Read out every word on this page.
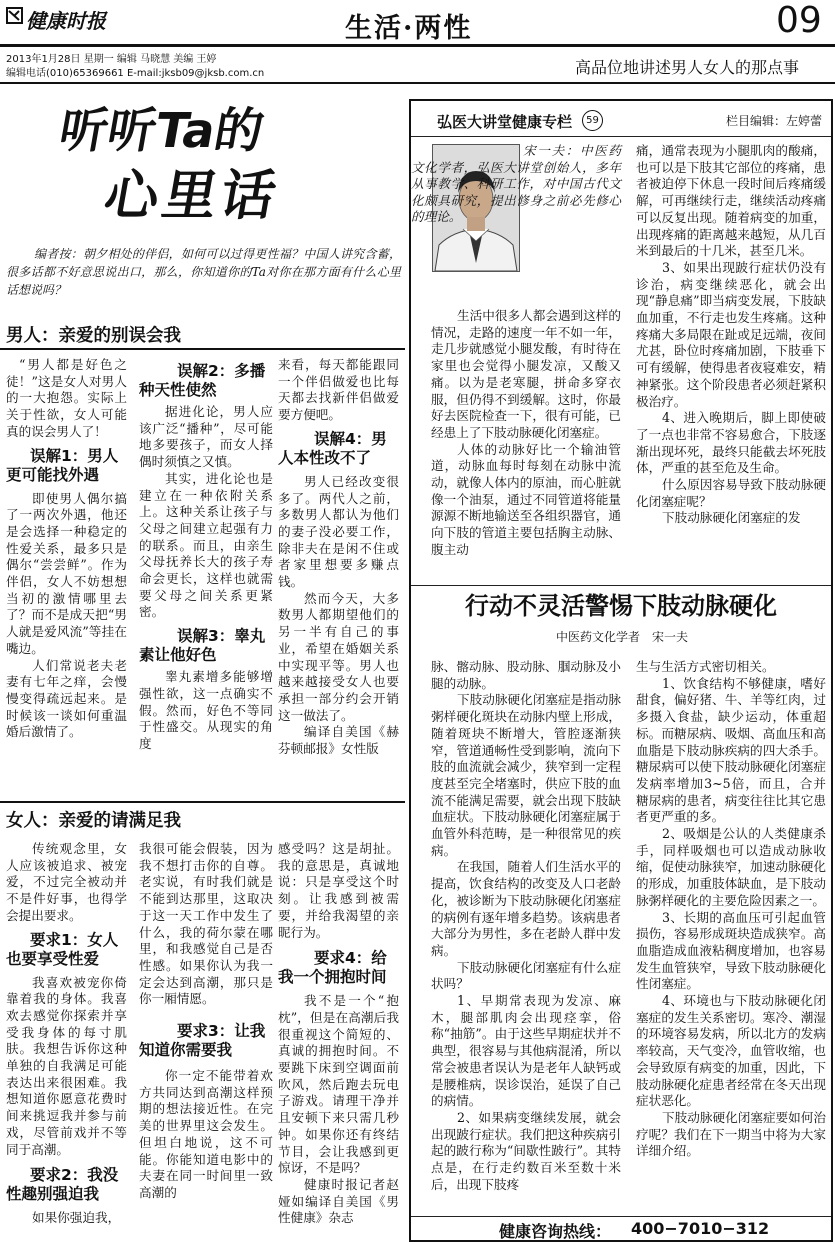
健康时报	生活·两性	09
2013年1月28日 星期一 编辑 马晓慧 美编 王婷
编辑电话(010)65369661 E-mail:jksb09@jksb.com.cn	高品位地讲述男人女人的那点事
听听Ta的
心里话
编者按：朝夕相处的伴侣，如何可以过得更性福？中国人讲究含蓄，很多话都不好意思说出口，那么，你知道你的Ta对你在那方面有什么心里话想说吗？
男人：亲爱的别误会我

“男人都是好色之徒！”这是女人对男人的一大抱怨。实际上关于性欲，女人可能真的误会男人了！

误解1：男人更可能找外遇

即使男人偶尔搞了一两次外遇，他还是会选择一种稳定的性爱关系，最多只是偶尔“尝尝鲜”。作为伴侣，女人不妨想想当初的激情哪里去了？而不是成天把“男人就是爱风流”等挂在嘴边。

人们常说老夫老妻有七年之痒，会慢慢变得疏远起来。是时候该一谈如何重温婚后激情了。

误解2：多播种天性使然

据进化论，男人应该广泛“播种”，尽可能地多要孩子，而女人择偶时须慎之又慎。

其实，进化论也是建立在一种依附关系上。这种关系让孩子与父母之间建立起强有力的联系。而且，由亲生父母抚养长大的孩子寿命会更长，这样也就需要父母之间关系更紧密。

误解3：睾丸素让他好色

睾丸素增多能够增强性欲，这一点确实不假。然而，好色不等同于性盛交。从现实的角度

来看，每天都能跟同一个伴侣做爱也比每天都去找新伴侣做爱要方便吧。

误解4：男人本性改不了

男人已经改变很多了。两代人之前，多数男人都认为他们的妻子没必要工作，除非夫在是闲不住或者家里想要多赚点钱。

然而今天，大多数男人都期望他们的另一半有自己的事业，希望在婚姻关系中实现平等。男人也越来越接受女人也要承担一部分约会开销这一做法了。

编译自美国《赫芬顿邮报》女性版

女人：亲爱的请满足我

传统观念里，女人应该被追求、被宠爱，不过完全被动并不是件好事，也得学会提出要求。

要求1：女人也要享受性爱

我喜欢被宠你倚靠着我的身体。我喜欢去感觉你探索并享受我身体的每寸肌肤。我想告诉你这种单独的自我满足可能表达出来很困难。我想知道你愿意花费时间来挑逗我并参与前戏，尽管前戏并不等同于高潮。

要求2：我没性趣别强迫我

如果你强迫我，

我很可能会假装，因为我不想打击你的自尊。老实说，有时我们就是不能到达那里，这取决于这一天工作中发生了什么，我的荷尔蒙在哪里，和我感觉自己是否性感。如果你认为我一定会达到高潮，那只是你一厢情愿。

要求3：让我知道你需要我

你一定不能带着欢方共同达到高潮这样预期的想法接近性。在完美的世界里这会发生。但坦白地说，这不可能。你能知道电影中的夫妻在同一时间里一致高潮的

感受吗？这是胡扯。我的意思是，真诚地说：只是享受这个时刻。让我感到被需要，并给我渴望的亲昵行为。

要求4：给我一个拥抱时间

我不是一个“抱枕”，但是在高潮后我很重视这个简短的、真诚的拥抱时间。不要跳下床到空调面前吹风，然后跑去玩电子游戏。请理干净并且安顿下来只需几秒钟。如果你还有终结节目，会让我感到更惊讶，不是吗？

健康时报记者赵娅如编译自美国《男性健康》杂志

弘医大讲堂健康专栏	59	栏目编辑：左婷蕾

宋一夫：中医药文化学者，弘医大讲堂创始人，多年从事教学、科研工作，对中国古代文化颇具研究，提出修身之前必先修心的理论。

生活中很多人都会遇到这样的情况，走路的速度一年不如一年，走几步就感觉小腿发酸，有时待在家里也会觉得小腿发凉，又酸又痛。以为是老寒腿，拼命多穿衣服，但仍得不到缓解。这时，你最好去医院检查一下，很有可能，已经患上了下肢动脉硬化闭塞症。

人体的动脉好比一个输油管道，动脉血每时每刻在动脉中流动，就像人体内的原油，而心脏就像一个油泵，通过不同管道将能量源源不断地输送至各组织器官，通向下肢的管道主要包括胸主动脉、腹主动

痛，通常表现为小腿肌肉的酸痛，也可以是下肢其它部位的疼痛，患者被迫停下休息一段时间后疼痛缓解，可再继续行走，继续活动疼痛可以反复出现。随着病变的加重，出现疼痛的距离越来越短，从几百米到最后的十几米，甚至几米。

3、如果出现跛行症状仍没有诊治，病变继续恶化，就会出现“静息痛”即当病变发展，下肢缺血加重，不行走也发生疼痛。这种疼痛大多局限在趾或足远端，夜间尤甚，卧位时疼痛加剧，下肢垂下可有缓解，使得患者夜寝难安，精神紧张。这个阶段患者必须赶紧积极治疗。

4、进入晚期后，脚上即使破了一点也非常不容易愈合，下肢逐渐出现坏死，最终只能截去坏死肢体，严重的甚至危及生命。

什么原因容易导致下肢动脉硬化闭塞症呢？

下肢动脉硬化闭塞症的发

行动不灵活警惕下肢动脉硬化
中医药文化学者　宋一夫

脉、髂动脉、股动脉、腘动脉及小腿的动脉。

下肢动脉硬化闭塞症是指动脉粥样硬化斑块在动脉内壁上形成，随着斑块不断增大，管腔逐渐狭窄，管道通畅性受到影响，流向下肢的血流就会减少，狭窄到一定程度甚至完全堵塞时，供应下肢的血流不能满足需要，就会出现下肢缺血症状。下肢动脉硬化闭塞症属于血管外科范畴，是一种很常见的疾病。

在我国，随着人们生活水平的提高，饮食结构的改变及人口老龄化，被诊断为下肢动脉硬化闭塞症的病例有逐年增多趋势。该病患者大部分为男性，多在老龄人群中发病。

下肢动脉硬化闭塞症有什么症状吗？

1、早期常表现为发凉、麻木，腿部肌肉会出现痉挛，俗称“抽筋”。由于这些早期症状并不典型，很容易与其他病混淆，所以常会被患者误认为是老年人缺钙或是腰椎病，误诊误治，延误了自己的病情。

2、如果病变继续发展，就会出现跛行症状。我们把这种疾病引起的跛行称为“间歇性跛行”。其特点是，在行走约数百米至数十米后，出现下肢疼

生与生活方式密切相关。

1、饮食结构不够健康，嗜好甜食，偏好猪、牛、羊等红肉，过多摄入食盐，缺少运动，体重超标。而糖尿病、吸烟、高血压和高血脂是下肢动脉疾病的四大杀手。糖尿病可以使下肢动脉硬化闭塞症发病率增加3~5倍，而且，合并糖尿病的患者，病变往往比其它患者更严重的多。

2、吸烟是公认的人类健康杀手，同样吸烟也可以造成动脉收缩，促使动脉狭窄，加速动脉硬化的形成，加重肢体缺血，是下肢动脉粥样硬化的主要危险因素之一。

3、长期的高血压可引起血管损伤，容易形成斑块造成狭窄。高血脂造成血液粘稠度增加，也容易发生血管狭窄，导致下肢动脉硬化性闭塞症。

4、环境也与下肢动脉硬化闭塞症的发生关系密切。寒冷、潮湿的环境容易发病，所以北方的发病率较高，天气变冷，血管收缩，也会导致原有病变的加重，因此，下肢动脉硬化症患者经常在冬天出现症状恶化。

下肢动脉硬化闭塞症要如何治疗呢？我们在下一期当中将为大家详细介绍。

健康咨询热线： 400−7010−312
